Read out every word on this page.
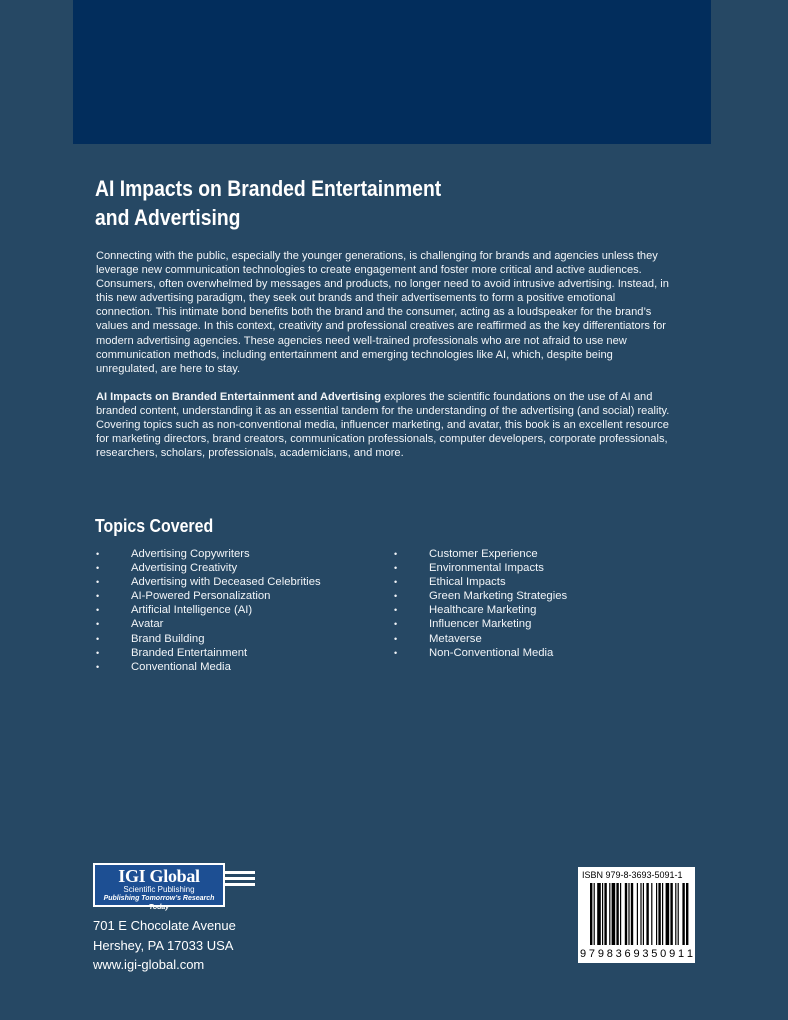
AI Impacts on Branded Entertainment
and Advertising

Connecting with the public, especially the younger generations, is challenging for brands and agencies unless they leverage new communication technologies to create engagement and foster more critical and active audiences. Consumers, often overwhelmed by messages and products, no longer need to avoid intrusive advertising. Instead, in this new advertising paradigm, they seek out brands and their advertisements to form a positive emotional connection. This intimate bond benefits both the brand and the consumer, acting as a loudspeaker for the brand’s values and message. In this context, creativity and professional creatives are reaffirmed as the key differentiators for modern advertising agencies. These agencies need well-trained professionals who are not afraid to use new communication methods, including entertainment and emerging technologies like AI, which, despite being unregulated, are here to stay.

AI Impacts on Branded Entertainment and Advertising explores the scientific foundations on the use of AI and branded content, understanding it as an essential tandem for the understanding of the advertising (and social) reality. Covering topics such as non-conventional media, influencer marketing, and avatar, this book is an excellent resource for marketing directors, brand creators, communication professionals, computer developers, corporate professionals, researchers, scholars, professionals, academicians, and more.

Topics Covered
•	Advertising Copywriters
•	Advertising Creativity
•	Advertising with Deceased Celebrities
•	AI-Powered Personalization
•	Artificial Intelligence (AI)
•	Avatar
•	Brand Building
•	Branded Entertainment
•	Conventional Media
•	Customer Experience
•	Environmental Impacts
•	Ethical Impacts
•	Green Marketing Strategies
•	Healthcare Marketing
•	Influencer Marketing
•	Metaverse
•	Non-Conventional Media
IGI Global
Scientific Publishing
Publishing Tomorrow’s Research Today

701 E Chocolate Avenue
Hershey, PA 17033 USA
www.igi-global.com

ISBN 979-8-3693-5091-1
9 7 9 8 3 6 9 3 5 0 9 1 1
